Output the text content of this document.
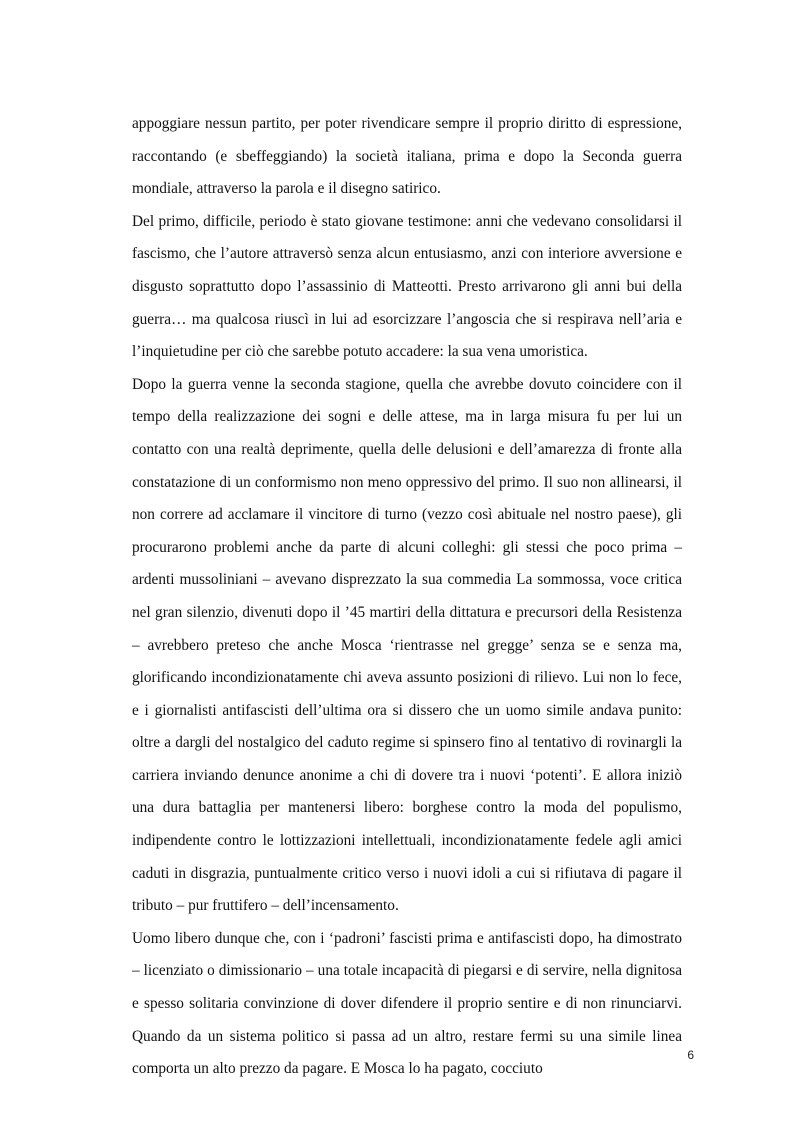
appoggiare nessun partito, per poter rivendicare sempre il proprio diritto di espressione, raccontando (e sbeffeggiando) la società italiana, prima e dopo la Seconda guerra mondiale, attraverso la parola e il disegno satirico.

Del primo, difficile, periodo è stato giovane testimone: anni che vedevano consolidarsi il fascismo, che l’autore attraversò senza alcun entusiasmo, anzi con interiore avversione e disgusto soprattutto dopo l’assassinio di Matteotti. Presto arrivarono gli anni bui della guerra… ma qualcosa riuscì in lui ad esorcizzare l’angoscia che si respirava nell’aria e l’inquietudine per ciò che sarebbe potuto accadere: la sua vena umoristica.

Dopo la guerra venne la seconda stagione, quella che avrebbe dovuto coincidere con il tempo della realizzazione dei sogni e delle attese, ma in larga misura fu per lui un contatto con una realtà deprimente, quella delle delusioni e dell’amarezza di fronte alla constatazione di un conformismo non meno oppressivo del primo. Il suo non allinearsi, il non correre ad acclamare il vincitore di turno (vezzo così abituale nel nostro paese), gli procurarono problemi anche da parte di alcuni colleghi: gli stessi che poco prima – ardenti mussoliniani – avevano disprezzato la sua commedia La sommossa, voce critica nel gran silenzio, divenuti dopo il ’45 martiri della dittatura e precursori della Resistenza – avrebbero preteso che anche Mosca ‘rientrasse nel gregge’ senza se e senza ma, glorificando incondizionatamente chi aveva assunto posizioni di rilievo. Lui non lo fece, e i giornalisti antifascisti dell’ultima ora si dissero che un uomo simile andava punito: oltre a dargli del nostalgico del caduto regime si spinsero fino al tentativo di rovinargli la carriera inviando denunce anonime a chi di dovere tra i nuovi ‘potenti’. E allora iniziò una dura battaglia per mantenersi libero: borghese contro la moda del populismo, indipendente contro le lottizzazioni intellettuali, incondizionatamente fedele agli amici caduti in disgrazia, puntualmente critico verso i nuovi idoli a cui si rifiutava di pagare il tributo – pur fruttifero – dell’incensamento.

Uomo libero dunque che, con i ‘padroni’ fascisti prima e antifascisti dopo, ha dimostrato – licenziato o dimissionario – una totale incapacità di piegarsi e di servire, nella dignitosa e spesso solitaria convinzione di dover difendere il proprio sentire e di non rinunciarvi. Quando da un sistema politico si passa ad un altro, restare fermi su una simile linea comporta un alto prezzo da pagare. E Mosca lo ha pagato, cocciuto

6
